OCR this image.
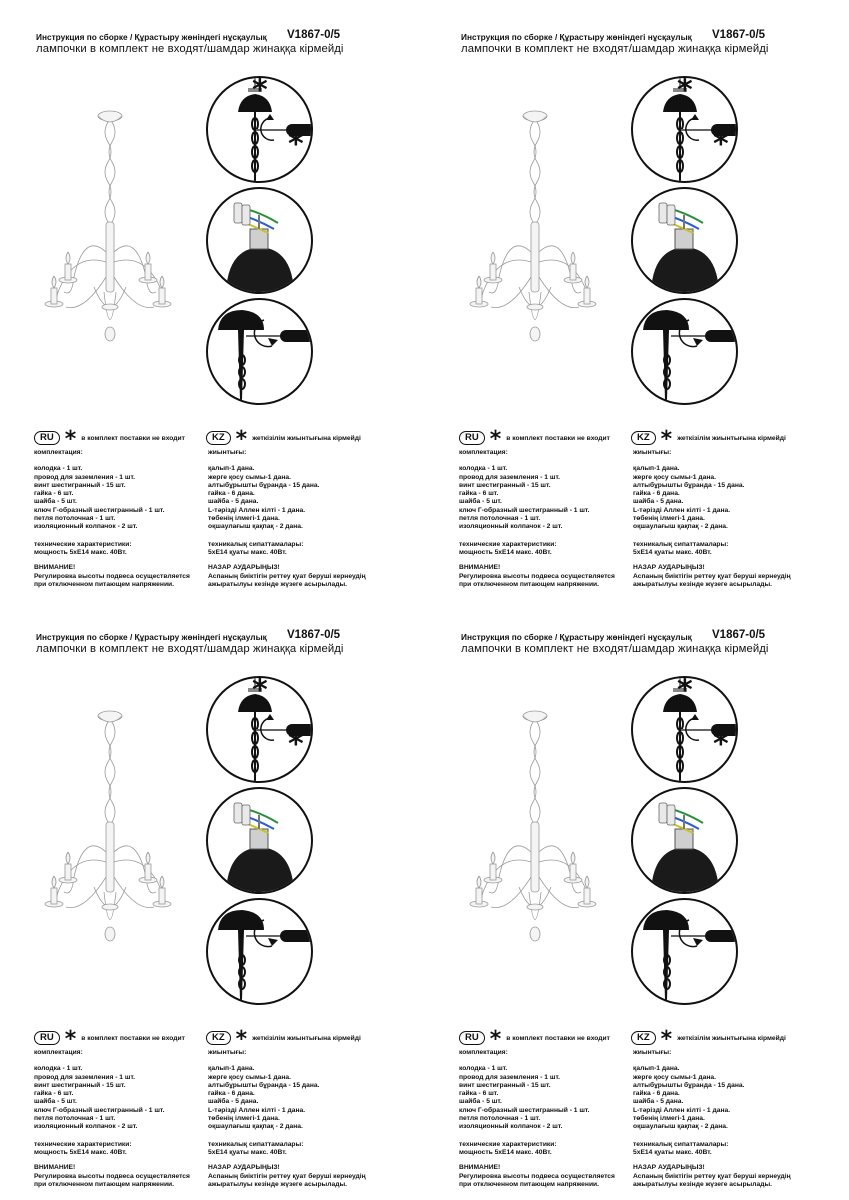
Инструкция по сборке / Құрастыру жөніндегі нұсқаулық V1867-0/5
лампочки в комплект не входят/шамдар жинаққа кірмейді
*
*
RU * в комплект поставки не входит	KZ * жеткізілім жиынтығына кірмейді

комплектация:

колодка - 1 шт.

провод для заземления - 1 шт.

винт шестигранный - 15 шт.

гайка - 6 шт.

шайба - 5 шт.

ключ Г-образный шестигранный - 1 шт.

петля потолочная - 1 шт.

изоляционный колпачок - 2 шт.

технические характеристики:

мощность 5хE14 макс. 40Вт.

ВНИМАНИЕ!

Регулировка высоты подвеса осуществляется

при отключенном питающем напряжении.

жиынтығы:

қалып-1 дана.

жерге қосу сымы-1 дана.

алтыбұрышты бұранда - 15 дана.

гайка - 6 дана.

шайба - 5 дана.

L-тәрізді Аллен кілті - 1 дана.

төбенің ілмегі-1 дана.

оқшаулағыш қақпақ - 2 дана.

техникалық сипаттамалары:

5хE14 қуаты макс. 40Вт.

НАЗАР АУДАРЫҢЫЗ!

Аспаның биіктігін реттеу қуат беруші кернеудің

ажыратылуы кезінде жүзеге асырылады.

Инструкция по сборке / Құрастыру жөніндегі нұсқаулық V1867-0/5
лампочки в комплект не входят/шамдар жинаққа кірмейді
*
*
RU * в комплект поставки не входит	KZ * жеткізілім жиынтығына кірмейді

комплектация:

колодка - 1 шт.

провод для заземления - 1 шт.

винт шестигранный - 15 шт.

гайка - 6 шт.

шайба - 5 шт.

ключ Г-образный шестигранный - 1 шт.

петля потолочная - 1 шт.

изоляционный колпачок - 2 шт.

технические характеристики:

мощность 5хE14 макс. 40Вт.

ВНИМАНИЕ!

Регулировка высоты подвеса осуществляется

при отключенном питающем напряжении.

жиынтығы:

қалып-1 дана.

жерге қосу сымы-1 дана.

алтыбұрышты бұранда - 15 дана.

гайка - 6 дана.

шайба - 5 дана.

L-тәрізді Аллен кілті - 1 дана.

төбенің ілмегі-1 дана.

оқшаулағыш қақпақ - 2 дана.

техникалық сипаттамалары:

5хE14 қуаты макс. 40Вт.

НАЗАР АУДАРЫҢЫЗ!

Аспаның биіктігін реттеу қуат беруші кернеудің

ажыратылуы кезінде жүзеге асырылады.

Инструкция по сборке / Құрастыру жөніндегі нұсқаулық V1867-0/5
лампочки в комплект не входят/шамдар жинаққа кірмейді
*
*
RU * в комплект поставки не входит	KZ * жеткізілім жиынтығына кірмейді

комплектация:

колодка - 1 шт.

провод для заземления - 1 шт.

винт шестигранный - 15 шт.

гайка - 6 шт.

шайба - 5 шт.

ключ Г-образный шестигранный - 1 шт.

петля потолочная - 1 шт.

изоляционный колпачок - 2 шт.

технические характеристики:

мощность 5хE14 макс. 40Вт.

ВНИМАНИЕ!

Регулировка высоты подвеса осуществляется

при отключенном питающем напряжении.

жиынтығы:

қалып-1 дана.

жерге қосу сымы-1 дана.

алтыбұрышты бұранда - 15 дана.

гайка - 6 дана.

шайба - 5 дана.

L-тәрізді Аллен кілті - 1 дана.

төбенің ілмегі-1 дана.

оқшаулағыш қақпақ - 2 дана.

техникалық сипаттамалары:

5хE14 қуаты макс. 40Вт.

НАЗАР АУДАРЫҢЫЗ!

Аспаның биіктігін реттеу қуат беруші кернеудің

ажыратылуы кезінде жүзеге асырылады.

Инструкция по сборке / Құрастыру жөніндегі нұсқаулық V1867-0/5
лампочки в комплект не входят/шамдар жинаққа кірмейді
*
*
RU * в комплект поставки не входит	KZ * жеткізілім жиынтығына кірмейді

комплектация:

колодка - 1 шт.

провод для заземления - 1 шт.

винт шестигранный - 15 шт.

гайка - 6 шт.

шайба - 5 шт.

ключ Г-образный шестигранный - 1 шт.

петля потолочная - 1 шт.

изоляционный колпачок - 2 шт.

технические характеристики:

мощность 5хE14 макс. 40Вт.

ВНИМАНИЕ!

Регулировка высоты подвеса осуществляется

при отключенном питающем напряжении.

жиынтығы:

қалып-1 дана.

жерге қосу сымы-1 дана.

алтыбұрышты бұранда - 15 дана.

гайка - 6 дана.

шайба - 5 дана.

L-тәрізді Аллен кілті - 1 дана.

төбенің ілмегі-1 дана.

оқшаулағыш қақпақ - 2 дана.

техникалық сипаттамалары:

5хE14 қуаты макс. 40Вт.

НАЗАР АУДАРЫҢЫЗ!

Аспаның биіктігін реттеу қуат беруші кернеудің

ажыратылуы кезінде жүзеге асырылады.
